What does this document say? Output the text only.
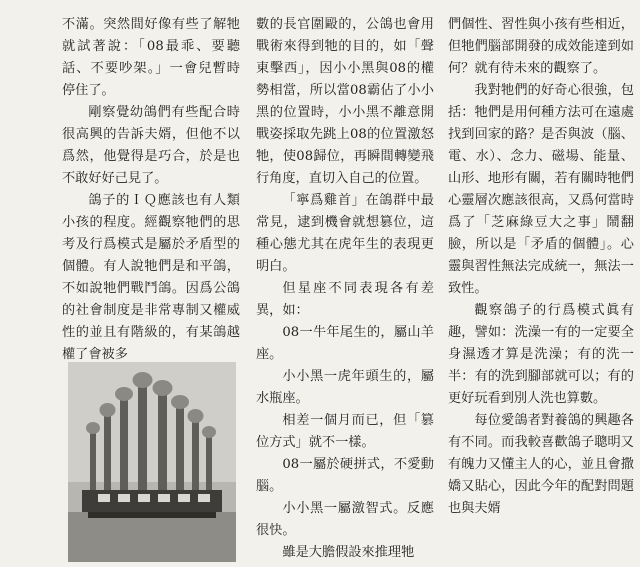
不滿。突然間好像有些了解牠就試著說：「08最乖、要聽話、不要吵架。」一會兒暫時停住了。

剛察覺幼鴿們有些配合時很高興的告訴夫婿，但他不以爲然，他覺得是巧合，於是也不敢好好己見了。

鴿子的ＩＱ應該也有人類小孩的程度。經觀察牠們的思考及行爲模式是屬於矛盾型的個體。有人說牠們是和平鴿，不如說牠們戰鬥鴿。因爲公鴿的社會制度是非常專制又權威性的並且有階級的，有某鴿越權了會被多

數的長官圍毆的，公鴿也會用戰術來得到牠的目的，如「聲東擊西」，因小小黑與08的權勢相當，所以當08霸佔了小小黑的位置時，小小黑不離意開戰姿採取先跳上08的位置激怒牠，使08歸位，再瞬間轉變飛行角度，直切入自己的位置。

「寧爲雞首」在鴿群中最常見，逮到機會就想篡位，這種心態尤其在虎年生的表現更明白。

但星座不同表現各有差異，如：

08一牛年尾生的，屬山羊座。

小小黑一虎年頭生的，屬水瓶座。

相差一個月而已，但「篡位方式」就不一樣。

08一屬於硬拼式，不愛動腦。

小小黑一屬激智式。反應很快。

雖是大膽假設來推理牠

們個性、習性與小孩有些相近，但牠們腦部開發的成效能達到如何？就有待未來的觀察了。

我對牠們的好奇心很強，包括：牠們是用何種方法可在遠處找到回家的路？是否與波（腦、電、水）、念力、磁場、能量、山形、地形有關，若有關時牠們心靈層次應該很高，又爲何當時爲了「芝麻綠豆大之事」鬧翻臉，所以是「矛盾的個體」。心靈與習性無法完成統一，無法一致性。

觀察鴿子的行爲模式眞有趣，譬如：洗澡一有的一定要全身濕透才算是洗澡；有的洗一半：有的洗到腳部就可以；有的更好玩看到別人洗也算數。

每位愛鴿者對養鴿的興趣各有不同。而我較喜歡鴿子聰明又有魄力又懂主人的心，並且會撒嬌又貼心，因此今年的配對問題也與夫婿
